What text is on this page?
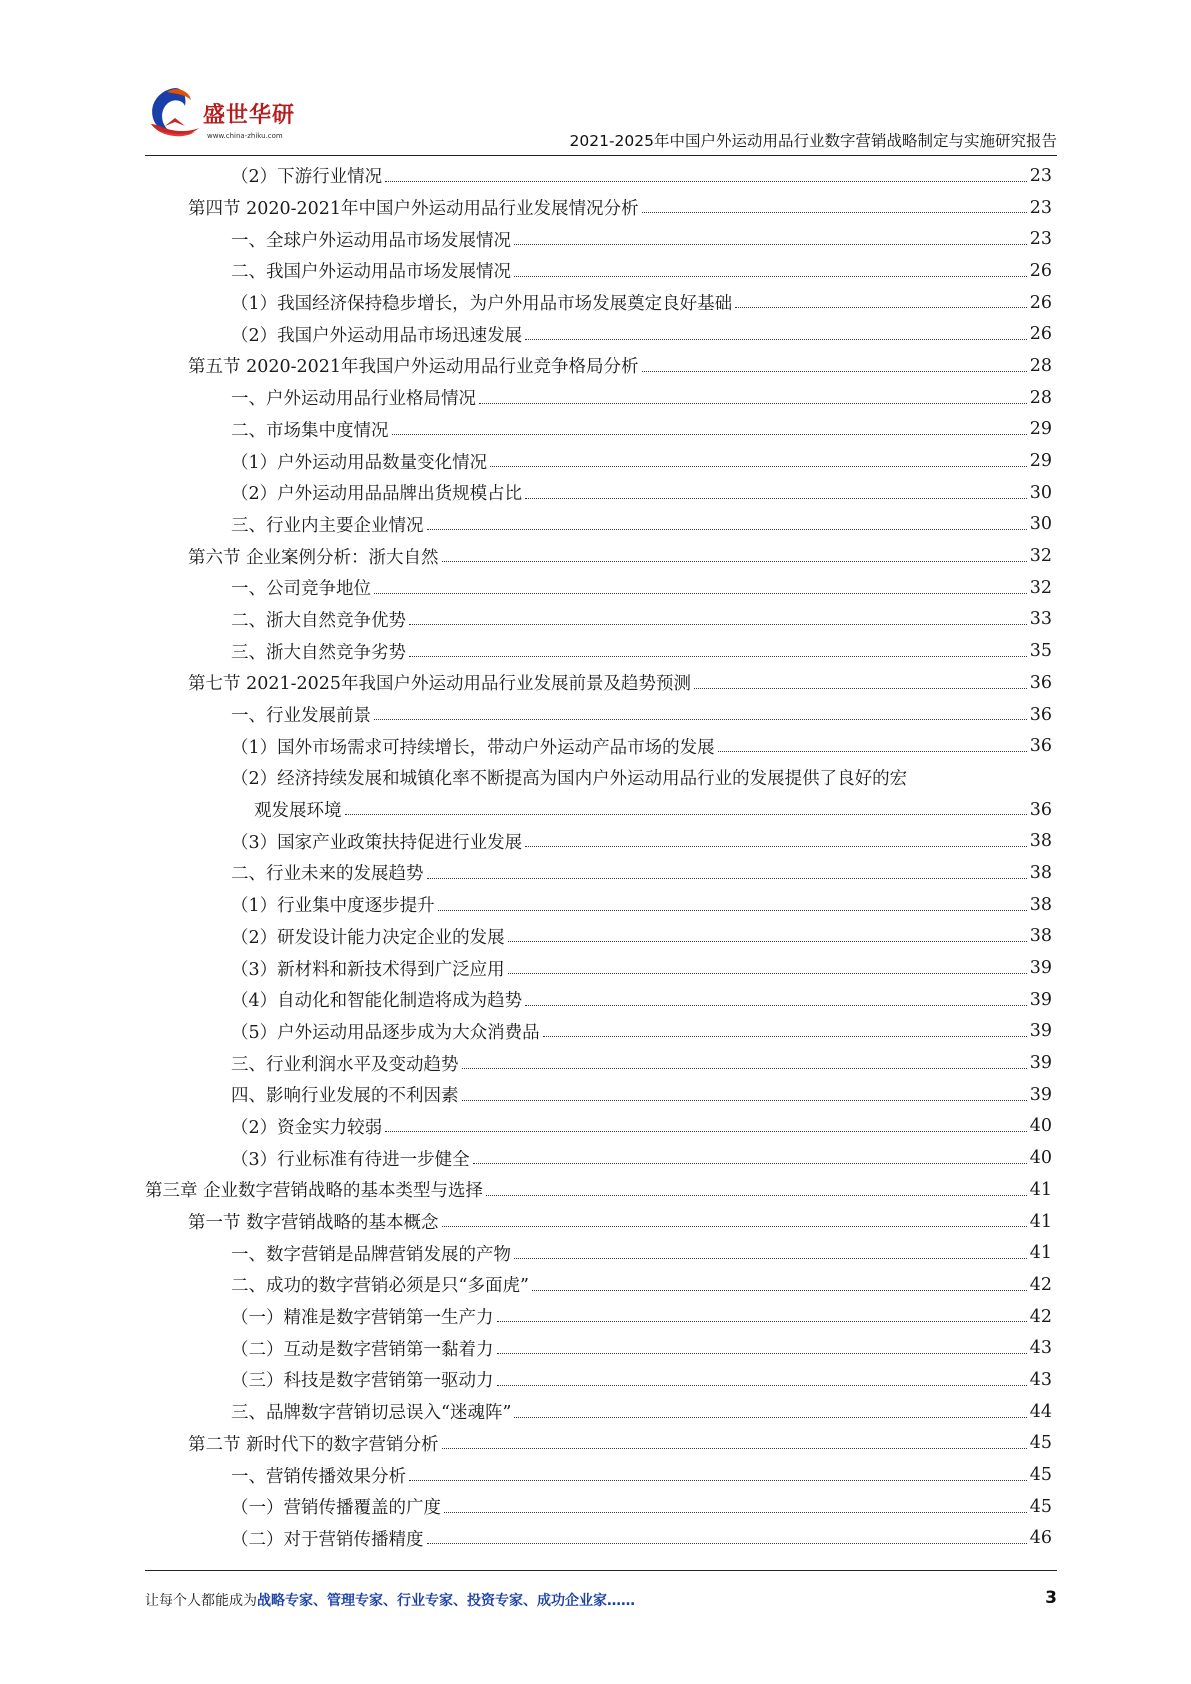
盛世华研
www.china-zhiku.com	2021-2025年中国户外运动用品行业数字营销战略制定与实施研究报告
（2）下游行业情况	23
第四节 2020-2021年中国户外运动用品行业发展情况分析	23
一、全球户外运动用品市场发展情况	23
二、我国户外运动用品市场发展情况	26
（1）我国经济保持稳步增长，为户外用品市场发展奠定良好基础	26
（2）我国户外运动用品市场迅速发展	26
第五节 2020-2021年我国户外运动用品行业竞争格局分析	28
一、户外运动用品行业格局情况	28
二、市场集中度情况	29
（1）户外运动用品数量变化情况	29
（2）户外运动用品品牌出货规模占比	30
三、行业内主要企业情况	30
第六节 企业案例分析：浙大自然	32
一、公司竞争地位	32
二、浙大自然竞争优势	33
三、浙大自然竞争劣势	35
第七节 2021-2025年我国户外运动用品行业发展前景及趋势预测	36
一、行业发展前景	36
（1）国外市场需求可持续增长，带动户外运动产品市场的发展	36
（2）经济持续发展和城镇化率不断提高为国内户外运动用品行业的发展提供了良好的宏
观发展环境	36
（3）国家产业政策扶持促进行业发展	38
二、行业未来的发展趋势	38
（1）行业集中度逐步提升	38
（2）研发设计能力决定企业的发展	38
（3）新材料和新技术得到广泛应用	39
（4）自动化和智能化制造将成为趋势	39
（5）户外运动用品逐步成为大众消费品	39
三、行业利润水平及变动趋势	39
四、影响行业发展的不利因素	39
（2）资金实力较弱	40
（3）行业标准有待进一步健全	40
第三章 企业数字营销战略的基本类型与选择	41
第一节 数字营销战略的基本概念	41
一、数字营销是品牌营销发展的产物	41
二、成功的数字营销必须是只“多面虎”	42
（一）精准是数字营销第一生产力	42
（二）互动是数字营销第一黏着力	43
（三）科技是数字营销第一驱动力	43
三、品牌数字营销切忌误入“迷魂阵”	44
第二节 新时代下的数字营销分析	45
一、营销传播效果分析	45
（一）营销传播覆盖的广度	45
（二）对于营销传播精度	46
让每个人都能成为战略专家、管理专家、行业专家、投资专家、成功企业家……	3
